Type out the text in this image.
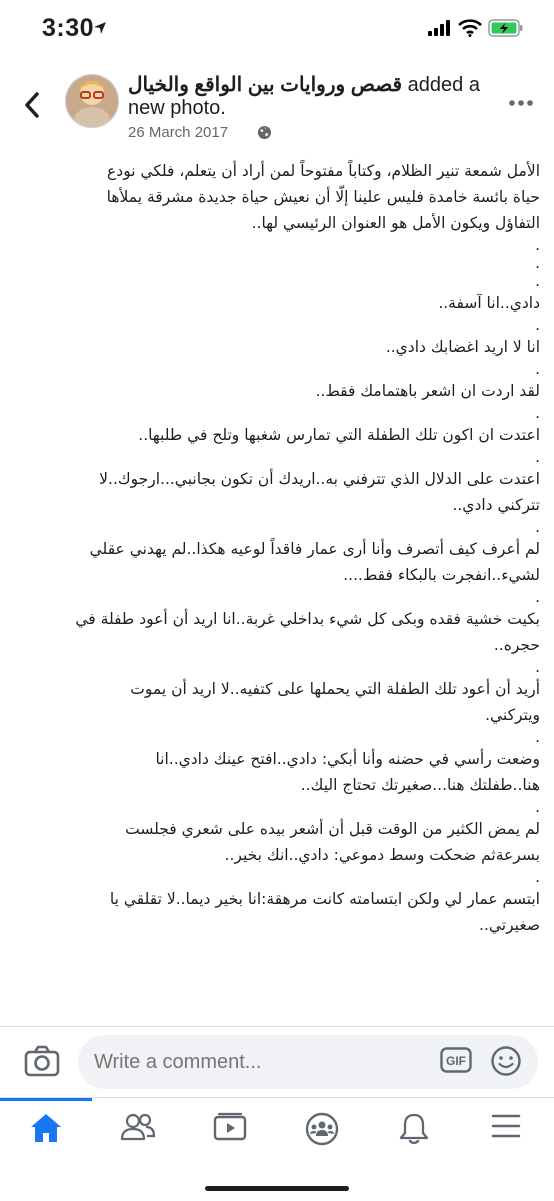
3:30
قصص وروايات بين الواقع والخيال added a new photo.
26 March 2017
الأمل شمعة تنير الظلام، وكتاباً مفتوحاً لمن أراد أن يتعلم، فلكي نودع
حياة بائسة خامدة فليس علينا إلّا أن نعيش حياة جديدة مشرقة يملأها
التفاؤل ويكون الأمل هو العنوان الرئيسي لها..
.
.
.
دادي..انا آسفة..
.
انا لا اريد اغضابك دادي..
.
لقد اردت ان اشعر باهتمامك فقط..
.
اعتدت ان اكون تلك الطفلة التي تمارس شغبها وتلح في طلبها..
.
اعتدت على الدلال الذي تترفني به..اريدك أن تكون بجانبي...ارجوك..لا
تتركني دادي..
.
لم أعرف كيف أتصرف وأنا أرى عمار فاقداً لوعيه هكذا..لم يهدني عقلي
لشيء..انفجرت بالبكاء فقط....
.
بكيت خشية فقده وبكى كل شيء بداخلي غربة..انا اريد أن أعود طفلة في
حجره..
.
أريد أن أعود تلك الطفلة التي يحملها على كتفيه..لا اريد أن يموت
ويتركني.
.
وضعت رأسي في حضنه وأنا أبكي: دادي..افتح عينك دادي..انا
هنا..طفلتك هنا...صغيرتك تحتاج اليك..
.
لم يمض الكثير من الوقت قبل أن أشعر بيده على شعري فجلست
بسرعةثم ضحكت وسط دموعي: دادي..انك بخير..
.
ابتسم عمار لي ولكن ابتسامته كانت مرهقة:انا بخير ديما..لا تقلقي يا
صغيرتي..
Write a comment...
GIF
